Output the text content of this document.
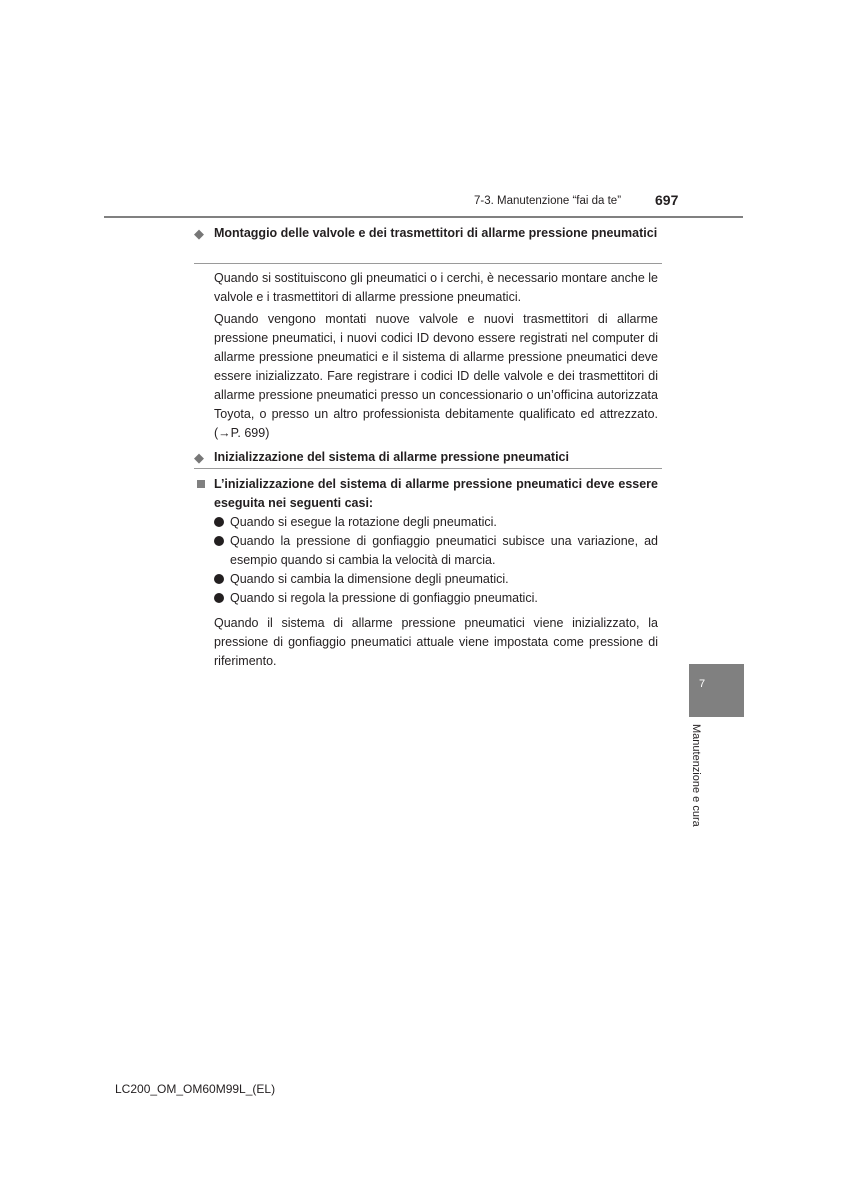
7-3. Manutenzione “fai da te” 697
◆ Montaggio delle valvole e dei trasmettitori di allarme pressione pneumatici

Quando si sostituiscono gli pneumatici o i cerchi, è necessario montare anche le valvole e i trasmettitori di allarme pressione pneumatici.

Quando vengono montati nuove valvole e nuovi trasmettitori di allarme pressione pneumatici, i nuovi codici ID devono essere registrati nel computer di allarme pressione pneumatici e il sistema di allarme pressione pneumatici deve essere inizializzato. Fare registrare i codici ID delle valvole e dei trasmettitori di allarme pressione pneumatici presso un concessionario o un’officina autorizzata Toyota, o presso un altro professionista debitamente qualificato ed attrezzato. (→P. 699)

◆ Inizializzazione del sistema di allarme pressione pneumatici
L’inizializzazione del sistema di allarme pressione pneumatici deve essere eseguita nei seguenti casi:
Quando si esegue la rotazione degli pneumatici.
Quando la pressione di gonfiaggio pneumatici subisce una variazione, ad esempio quando si cambia la velocità di marcia.
Quando si cambia la dimensione degli pneumatici.
Quando si regola la pressione di gonfiaggio pneumatici.

Quando il sistema di allarme pressione pneumatici viene inizializzato, la pressione di gonfiaggio pneumatici attuale viene impostata come pressione di riferimento.

7
Manutenzione e cura
LC200_OM_OM60M99L_(EL)
